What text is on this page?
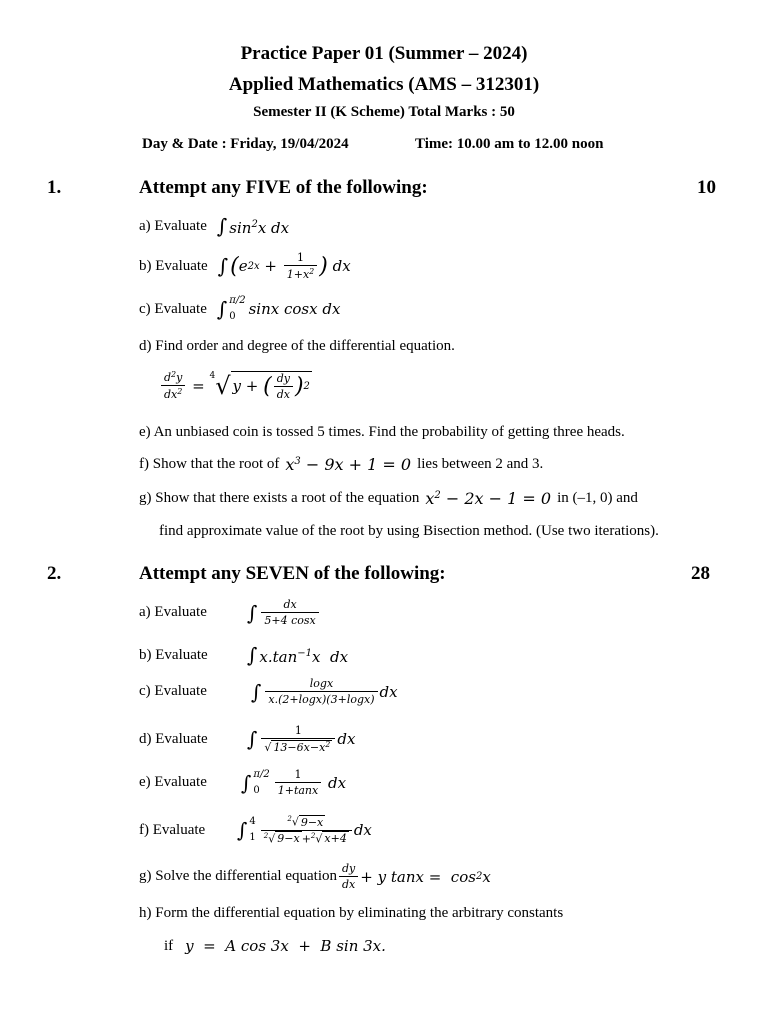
Practice Paper 01 (Summer – 2024)
Applied Mathematics (AMS – 312301)
Semester II (K Scheme) Total Marks : 50
Day & Date : Friday, 19/04/2024	Time: 10.00 am to 12.00 noon
1.	Attempt any FIVE of the following:	10
a) Evaluate ∫ $\sin^2x$ dx
b) Evaluate ∫ ( e $2x + \frac{1}{1+x^2}$ ) dx
c) Evaluate ∫ π/2
0 sinx cosx dx
d) Find order and degree of the differential equation.
$\frac{d^2y}{dx^2}$ =
4 √ y + ( $\frac{dy}{dx}$ ) 2
e) An unbiased coin is tossed 5 times. Find the probability of getting three heads.
f) Show that the root of $x^3 - 9x + 1 = 0$ lies between 2 and 3.
g) Show that there exists a root of the equation $x^2 - 2x - 1 = 0$ in (–1, 0) and
find approximate value of the root by using Bisection method. (Use two iterations).
2.	Attempt any SEVEN of the following:	28
a) Evaluate	∫ $\frac{dx}{5+4 \cos x}$
b) Evaluate	∫ $x.\tan^{-1}x$  dx
c) Evaluate	∫ $\frac{\log x}{x.(2+\log x)(3+\log x)}$ dx
d) Evaluate	∫ $\frac{1}{√ 13-6x-x^2}$ dx
e) Evaluate	∫ π/2
0	$\frac{1}{1+\tan x}$ dx
f) Evaluate	∫ 4
$1 \frac{^2√ 9-x}{^2√ 9-x +^2√ x+4}$ dx
g) Solve the differential equation $\frac{dy}{dx} + y$ tanx =  cos 2 x
h) Form the differential equation by eliminating the arbitrary constants
if y  =  A cos 3x  +  B sin 3x.
